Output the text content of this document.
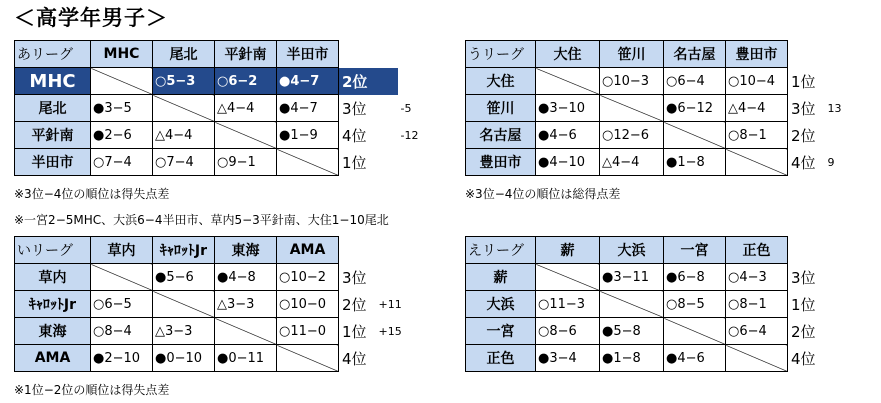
＜高学年男子＞
あリーグ	MHC	尾北	平針南	半田市		
MHC		○5−3	○6−2	●4−7	2位	
尾北	●3−5		△4−4	●4−7	3位	-5
平針南	●2−6	△4−4		●1−9	4位	-12
半田市	○7−4	○7−4	○9−1		1位	
うリーグ	大住	笹川	名古屋	豊田市		
大住		○10−3	○6−4	○10−4	1位	
笹川	●3−10		●6−12	△4−4	3位	13
名古屋	●4−6	○12−6		○8−1	2位	
豊田市	●4−10	△4−4	●1−8		4位	9
※3位−4位の順位は得失点差	※3位−4位の順位は総得点差
※一宮2−5MHC、大浜6−4半田市、草内5−3平針南、大住1−10尾北
いリーグ	草内	ｷｬﾛｯﾄJr	東海	AMA		
草内		●5−6	●4−8	○10−2	3位	
ｷｬﾛｯﾄJr	○6−5		△3−3	○10−0	2位	+11
東海	○8−4	△3−3		○11−0	1位	+15
AMA	●2−10	●0−10	●0−11		4位	
えリーグ	薪	大浜	一宮	正色		
薪		●3−11	●6−8	○4−3	3位	
大浜	○11−3		○8−5	○8−1	1位	
一宮	○8−6	●5−8		○6−4	2位	
正色	●3−4	●1−8	●4−6		4位	
※1位−2位の順位は得失点差
